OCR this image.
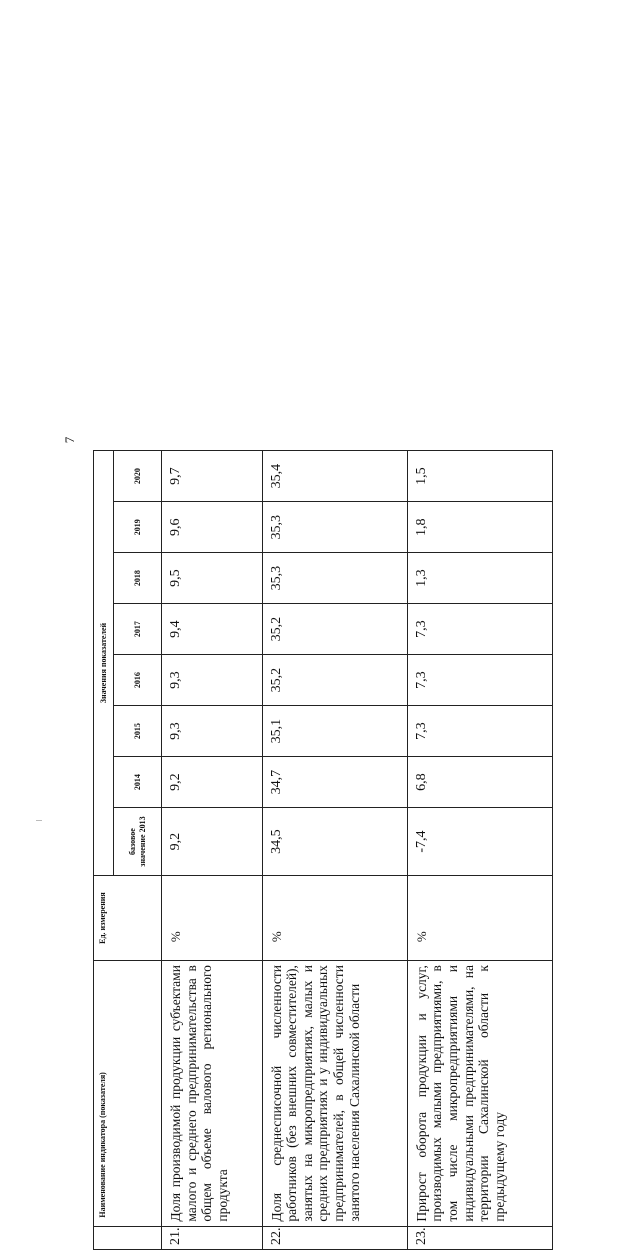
7
	Наименование индикатора (показателя)	Ед. измерения	Значения показателей							
			базовое значение 2013	2014	2015	2016	2017	2018	2019	2020
21.	Доля производимой продукции субъектами малого и среднего предпринимательства в общем объеме валового регионального продукта	%	9,2	9,2	9,3	9,3	9,4	9,5	9,6	9,7
22.	Доля среднесписочной численности работников (без внешних совместителей), занятых на микропредприятиях, малых и средних предприятиях и у индивидуальных предпринимателей, в общей численности занятого населения Сахалинской области	%	34,5	34,7	35,1	35,2	35,2	35,3	35,3	35,4
23.	Прирост оборота продукции и услуг, производимых малыми предприятиями, в том числе микропредприятиями и индивидуальными предпринимателями, на территории Сахалинской области к предыдущему году	%	-7,4	6,8	7,3	7,3	7,3	1,3	1,8	1,5
